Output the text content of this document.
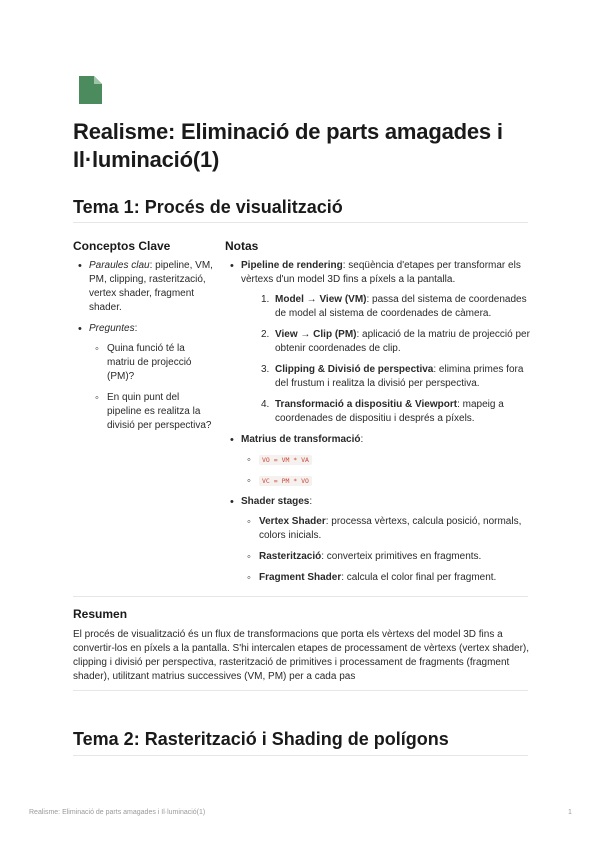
Realisme: Eliminació de parts amagades i Il·luminació(1)
Tema 1: Procés de visualització
Conceptos Clave	Notas
• Paraules clau: pipeline, VM, PM, clipping, rasterització, vertex shader, fragment shader.
• Preguntes:
◦ Quina funció té la matriu de projecció (PM)?
◦ En quin punt del pipeline es realitza la divisió per perspectiva?
• Pipeline de rendering: seqüència d'etapes per transformar els vèrtexs d'un model 3D fins a píxels a la pantalla.
1. Model → View (VM): passa del sistema de coordenades de model al sistema de coordenades de càmera.
2. View → Clip (PM): aplicació de la matriu de projecció per obtenir coordenades de clip.
3. Clipping & Divisió de perspectiva: elimina primes fora del frustum i realitza la divisió per perspectiva.
4. Transformació a dispositiu & Viewport: mapeig a coordenades de dispositiu i després a píxels.
• Matrius de transformació:
◦ VO = VM * VA
◦ VC = PM * VO
• Shader stages:
◦ Vertex Shader: processa vèrtexs, calcula posició, normals, colors inicials.
◦ Rasterització: converteix primitives en fragments.
◦ Fragment Shader: calcula el color final per fragment.
Resumen

El procés de visualització és un flux de transformacions que porta els vèrtexs del model 3D fins a convertir-los en píxels a la pantalla. S'hi intercalen etapes de processament de vèrtexs (vertex shader), clipping i divisió per perspectiva, rasterització de primitives i processament de fragments (fragment shader), utilitzant matrius successives (VM, PM) per a cada pas

Tema 2: Rasterització i Shading de polígons
Realisme: Eliminació de parts amagades i Il·luminació(1)	1
